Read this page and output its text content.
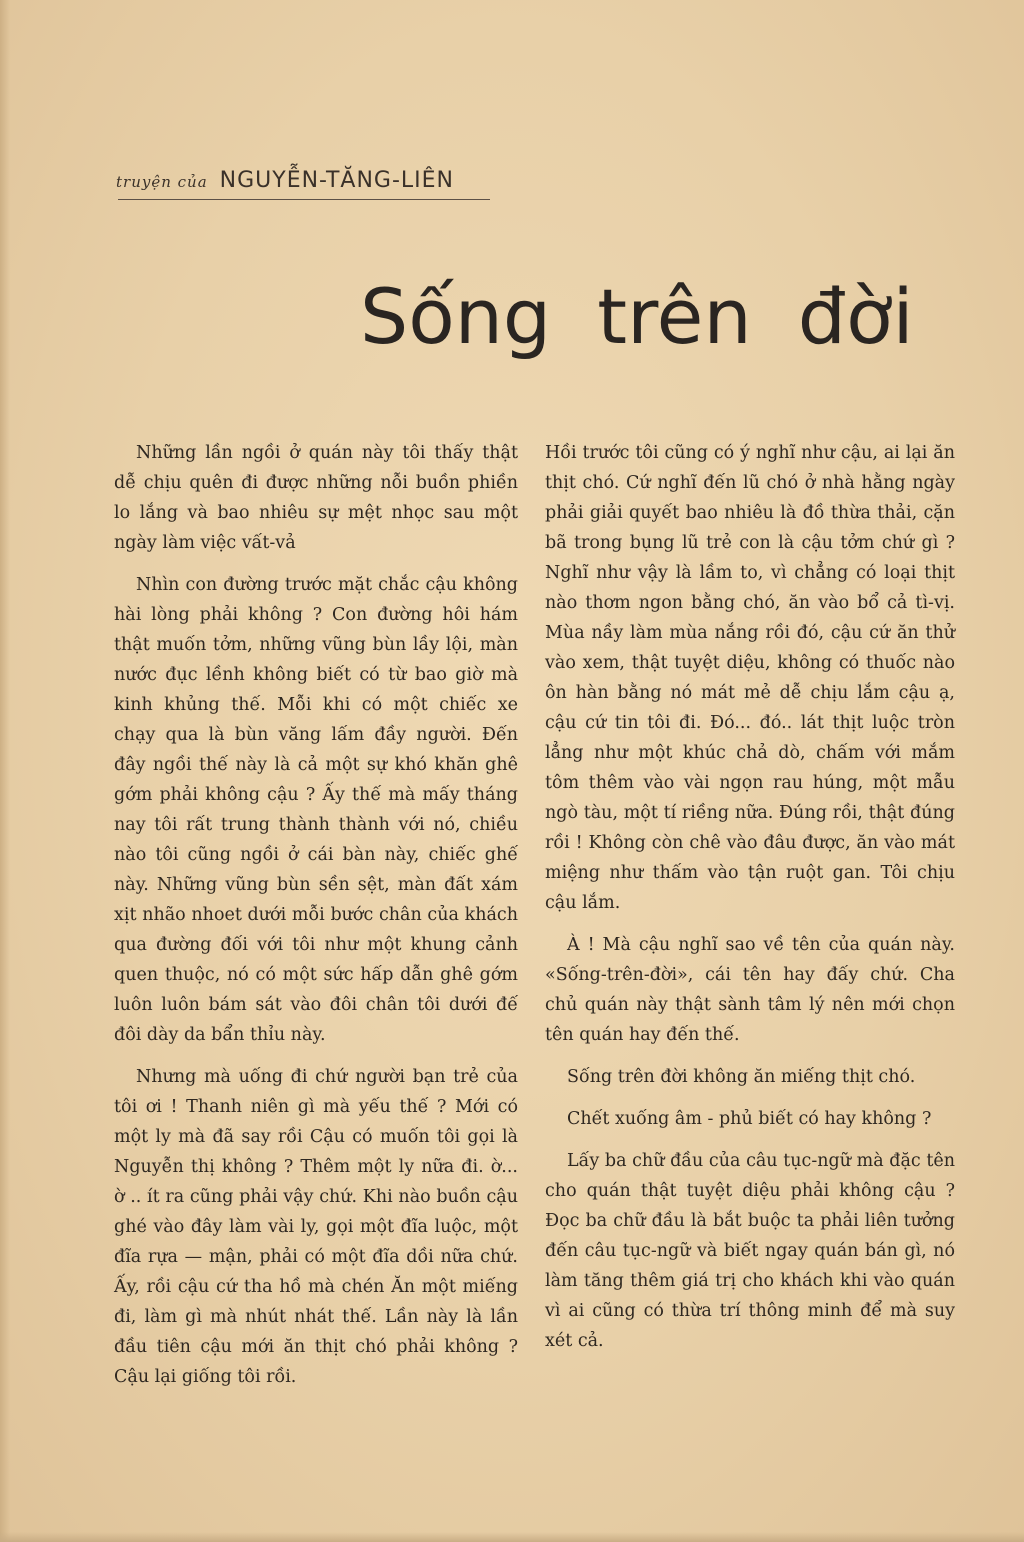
truyện của NGUYỄN-TĂNG-LIÊN
Sống trên đời

Những lần ngồi ở quán này tôi thấy thật dễ chịu quên đi được những nỗi buồn phiền lo lắng và bao nhiêu sự mệt nhọc sau một ngày làm việc vất-vả

Nhìn con đường trước mặt chắc cậu không hài lòng phải không ? Con đường hôi hám thật muốn tởm, những vũng bùn lầy lội, màn nước đục lềnh không biết có từ bao giờ mà kinh khủng thế. Mỗi khi có một chiếc xe chạy qua là bùn văng lấm đầy người. Đến đây ngồi thế này là cả một sự khó khăn ghê gớm phải không cậu ? Ấy thế mà mấy tháng nay tôi rất trung thành thành với nó, chiều nào tôi cũng ngồi ở cái bàn này, chiếc ghế này. Những vũng bùn sền sệt, màn đất xám xịt nhão nhoet dưới mỗi bước chân của khách qua đường đối với tôi như một khung cảnh quen thuộc, nó có một sức hấp dẫn ghê gớm luôn luôn bám sát vào đôi chân tôi dưới đế đôi dày da bẩn thỉu này.

Nhưng mà uống đi chứ người bạn trẻ của tôi ơi ! Thanh niên gì mà yếu thế ? Mới có một ly mà đã say rồi Cậu có muốn tôi gọi là Nguyễn thị không ? Thêm một ly nữa đi. ờ... ờ .. ít ra cũng phải vậy chứ. Khi nào buồn cậu ghé vào đây làm vài ly, gọi một đĩa luộc, một đĩa rựa — mận, phải có một đĩa dồi nữa chứ. Ấy, rồi cậu cứ tha hồ mà chén Ăn một miếng đi, làm gì mà nhút nhát thế. Lần này là lần đầu tiên cậu mới ăn thịt chó phải không ? Cậu lại giống tôi rồi.

Hồi trước tôi cũng có ý nghĩ như cậu, ai lại ăn thịt chó. Cứ nghĩ đến lũ chó ở nhà hằng ngày phải giải quyết bao nhiêu là đồ thừa thải, cặn bã trong bụng lũ trẻ con là cậu tởm chứ gì ? Nghĩ như vậy là lầm to, vì chẳng có loại thịt nào thơm ngon bằng chó, ăn vào bổ cả tì-vị. Mùa nầy làm mùa nắng rồi đó, cậu cứ ăn thử vào xem, thật tuyệt diệu, không có thuốc nào ôn hàn bằng nó mát mẻ dễ chịu lắm cậu ạ, cậu cứ tin tôi đi. Đó... đó.. lát thịt luộc tròn lẳng như một khúc chả dò, chấm với mắm tôm thêm vào vài ngọn rau húng, một mẫu ngò tàu, một tí riềng nữa. Đúng rồi, thật đúng rồi ! Không còn chê vào đâu được, ăn vào mát miệng như thấm vào tận ruột gan. Tôi chịu cậu lắm.

À ! Mà cậu nghĩ sao về tên của quán này. «Sống-trên-đời», cái tên hay đấy chứ. Cha chủ quán này thật sành tâm lý nên mới chọn tên quán hay đến thế.

Sống trên đời không ăn miếng thịt chó.

Chết xuống âm - phủ biết có hay không ?

Lấy ba chữ đầu của câu tục-ngữ mà đặc tên cho quán thật tuyệt diệu phải không cậu ? Đọc ba chữ đầu là bắt buộc ta phải liên tưởng đến câu tục-ngữ và biết ngay quán bán gì, nó làm tăng thêm giá trị cho khách khi vào quán vì ai cũng có thừa trí thông minh để mà suy xét cả.
